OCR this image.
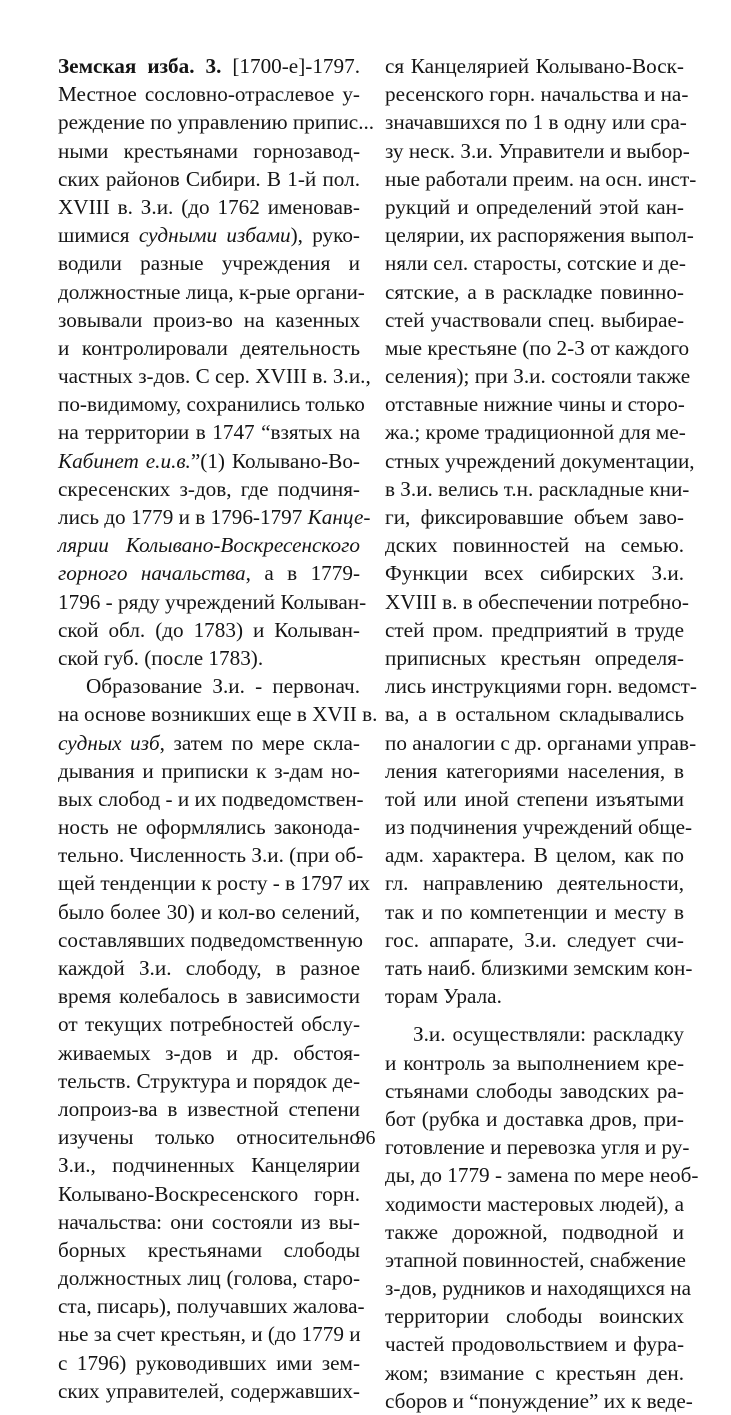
Земская изба. 3. [1700-е]-1797.
Местное сословно-отраслевое у-
реждение по управлению припис...
ными крестьянами горнозавод-
ских районов Сибири. В 1-й пол.
XVIII в. З.и. (до 1762 именовав-
шимися судными избами), руко-
водили разные учреждения и
должностные лица, к-рые органи-
зовывали произ-во на казенных
и контролировали деятельность
частных з-дов. С сер. XVIII в. З.и.,
по-видимому, сохранились только
на территории в 1747 “взятых на
Кабинет е.и.в.”(1) Колывано-Во-
скресенских з-дов, где подчиня-
лись до 1779 и в 1796-1797 Канце-
лярии Колывано-Воскресенского
горного начальства, а в 1779-
1796 - ряду учреждений Колыван-
ской обл. (до 1783) и Колыван-
ской губ. (после 1783).
Образование З.и. - первонач.
на основе возникших еще в XVII в.
судных изб, затем по мере скла-
дывания и приписки к з-дам но-
вых слобод - и их подведомствен-
ность не оформлялись законода-
тельно. Численность З.и. (при об-
щей тенденции к росту - в 1797 их
было более 30) и кол-во селений,
составлявших подведомственную
каждой З.и. слободу, в разное
время колебалось в зависимости
от текущих потребностей обслу-
живаемых з-дов и др. обстоя-
тельств. Структура и порядок де-
лопроиз-ва в известной степени
изучены только относительно
З.и., подчиненных Канцелярии
Колывано-Воскресенского горн.
начальства: они состояли из вы-
борных крестьянами слободы
должностных лиц (голова, старо-
ста, писарь), получавших жалова-
нье за счет крестьян, и (до 1779 и
с 1796) руководивших ими зем-
ских управителей, содержавших-
ся Канцелярией Колывано-Воск-
ресенского горн. начальства и на-
значавшихся по 1 в одну или сра-
зу неск. З.и. Управители и выбор-
ные работали преим. на осн. инст-
рукций и определений этой кан-
целярии, их распоряжения выпол-
няли сел. старосты, сотские и де-
сятские, а в раскладке повинно-
стей участвовали спец. выбирае-
мые крестьяне (по 2-3 от каждого
селения); при З.и. состояли также
отставные нижние чины и сторо-
жа.; кроме традиционной для ме-
стных учреждений документации,
в З.и. велись т.н. раскладные кни-
ги, фиксировавшие объем заво-
дских повинностей на семью.
Функции всех сибирских З.и.
XVIII в. в обеспечении потребно-
стей пром. предприятий в труде
приписных крестьян определя-
лись инструкциями горн. ведомст-
ва, а в остальном складывались
по аналогии с др. органами управ-
ления категориями населения, в
той или иной степени изъятыми
из подчинения учреждений обще-
адм. характера. В целом, как по
гл. направлению деятельности,
так и по компетенции и месту в
гос. аппарате, З.и. следует счи-
тать наиб. близкими земским кон-
торам Урала.
З.и. осуществляли: раскладку
и контроль за выполнением кре-
стьянами слободы заводских ра-
бот (рубка и доставка дров, при-
готовление и перевозка угля и ру-
ды, до 1779 - замена по мере необ-
ходимости мастеровых людей), а
также дорожной, подводной и
этапной повинностей, снабжение
з-дов, рудников и находящихся на
территории слободы воинских
частей продовольствием и фура-
жом; взимание с крестьян ден.
сборов и “понуждение” их к веде-
96
